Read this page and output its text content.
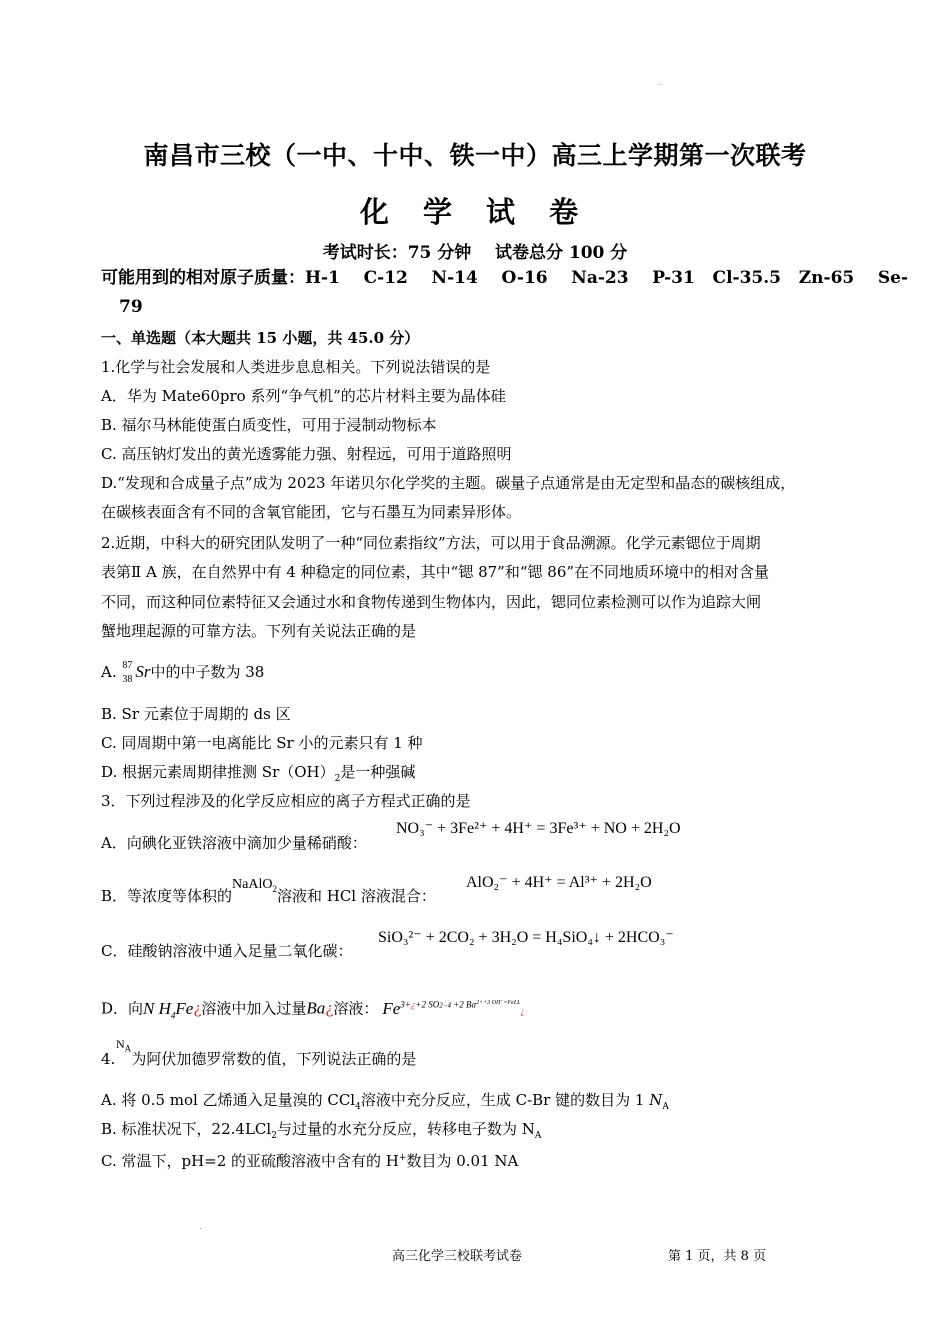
南昌市三校（一中、十中、铁一中）高三上学期第一次联考
化 学 试 卷
考试时长：75 分钟    试卷总分 100 分
可能用到的相对原子质量：H-1    C-12    N-14    O-16    Na-23    P-31   Cl-35.5   Zn-65    Se-
79
一、单选题（本大题共 15 小题，共 45.0 分）
1.化学与社会发展和人类进步息息相关。下列说法错误的是
A．华为 Mate60pro 系列“争气机”的芯片材料主要为晶体硅
B. 福尔马林能使蛋白质变性，可用于浸制动物标本
C. 高压钠灯发出的黄光透雾能力强、射程远，可用于道路照明
D.“发现和合成量子点”成为 2023 年诺贝尔化学奖的主题。碳量子点通常是由无定型和晶态的碳核组成，
在碳核表面含有不同的含氧官能团，它与石墨互为同素异形体。
2.近期，中科大的研究团队发明了一种“同位素指纹”方法，可以用于食品溯源。化学元素锶位于周期
表第Ⅱ A 族，在自然界中有 4 种稳定的同位素，其中“锶 87”和“锶 86”在不同地质环境中的相对含量
不同，而这种同位素特征又会通过水和食物传递到生物体内，因此，锶同位素检测可以作为追踪大闸
蟹地理起源的可靠方法。下列有关说法正确的是
A. 87
38 Sr中的中子数为 38
B. Sr 元素位于周期的 ds 区
C. 同周期中第一电离能比 Sr 小的元素只有 1 种
D. 根据元素周期律推测 $Sr(OH)_2$是一种强碱
3．下列过程涉及的化学反应相应的离子方程式正确的是
A．向碘化亚铁溶液中滴加少量稀硝酸：
NO₃⁻ + 3Fe²⁺ + 4H⁺ = 3Fe³⁺ + NO + 2H₂O
B．等浓度等体积的NaAlO$_2$溶液和 HCl 溶液混合：
AlO₂⁻ + 4H⁺ = Al³⁺ + 2H₂O
C．硅酸钠溶液中通入足量二氧化碳：
SiO₃²⁻ + 2CO₂ + 3H₂O = H₄SiO₄↓ + 2HCO₃⁻
D．向N $H_4Fe¿$溶液中加入过量Ba¿溶液： $Fe^{3+¿+2 SO2-4}$ $^{+2 Ba2++3 OH^-=FeLL}$¿
$N_A$
4. 为阿伏加德罗常数的值，下列说法正确的是
A. 将 0.5 mol 乙烯通入足量溴的 CCl$_4$溶液中充分反应，生成 C-Br 键的数目为 1 $N_A$
B. 标准状况下，22.4LCl$_2$与过量的水充分反应，转移电子数为 $N_A$
C. 常温下，pH=2 的亚硫酸溶液中含有的 H+数目为 0.01 NA
高三化学三校联考试卷	第 1 页，共 8 页
